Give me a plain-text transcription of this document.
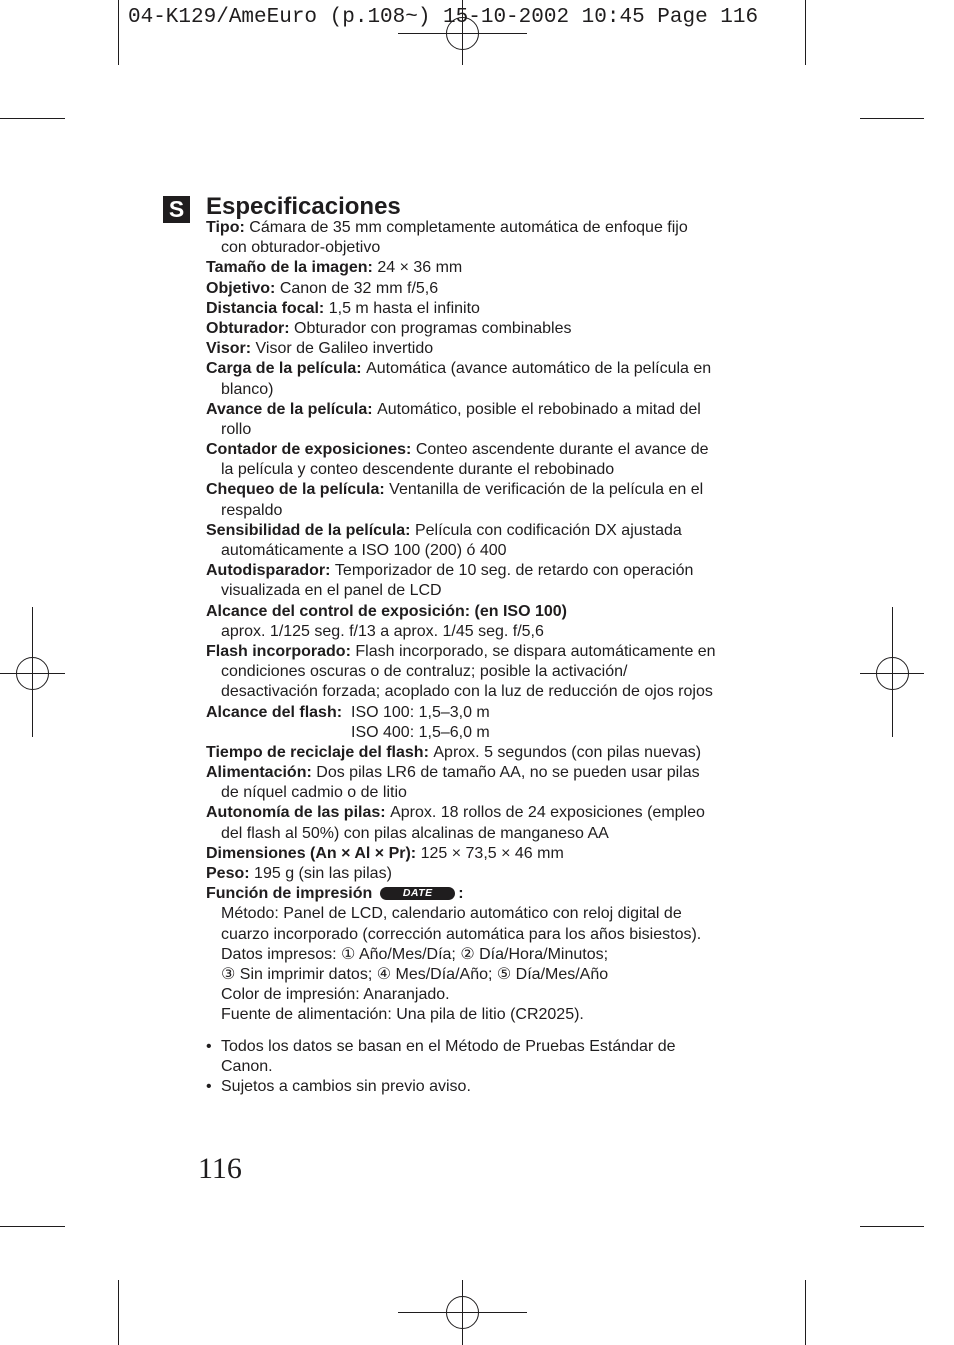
04-K129/AmeEuro (p.108~) 15-10-2002 10:45 Page 116
S Especificaciones
Tipo: Cámara de 35 mm completamente automática de enfoque fijo
con obturador-objetivo
Tamaño de la imagen: 24 × 36 mm
Objetivo: Canon de 32 mm f/5,6
Distancia focal: 1,5 m hasta el infinito
Obturador: Obturador con programas combinables
Visor: Visor de Galileo invertido
Carga de la película: Automática (avance automático de la película en
blanco)
Avance de la película: Automático, posible el rebobinado a mitad del
rollo
Contador de exposiciones: Conteo ascendente durante el avance de
la película y conteo descendente durante el rebobinado
Chequeo de la película: Ventanilla de verificación de la película en el
respaldo
Sensibilidad de la película: Película con codificación DX ajustada
automáticamente a ISO 100 (200) ó 400
Autodisparador: Temporizador de 10 seg. de retardo con operación
visualizada en el panel de LCD
Alcance del control de exposición: (en ISO 100)
aprox. 1/125 seg. f/13 a aprox. 1/45 seg. f/5,6
Flash incorporado: Flash incorporado, se dispara automáticamente en
condiciones oscuras o de contraluz; posible la activación/
desactivación forzada; acoplado con la luz de reducción de ojos rojos
Alcance del flash: ISO 100: 1,5–3,0 m
ISO 400: 1,5–6,0 m
Tiempo de reciclaje del flash: Aprox. 5 segundos (con pilas nuevas)
Alimentación: Dos pilas LR6 de tamaño AA, no se pueden usar pilas
de níquel cadmio o de litio
Autonomía de las pilas: Aprox. 18 rollos de 24 exposiciones (empleo
del flash al 50%) con pilas alcalinas de manganeso AA
Dimensiones (An × Al × Pr): 125 × 73,5 × 46 mm
Peso: 195 g (sin las pilas)
Función de impresión	DATE :
Método: Panel de LCD, calendario automático con reloj digital de
cuarzo incorporado (corrección automática para los años bisiestos).
Datos impresos: ① Año/Mes/Día; ② Día/Hora/Minutos;
③ Sin imprimir datos; ④ Mes/Día/Año; ⑤ Día/Mes/Año
Color de impresión: Anaranjado.
Fuente de alimentación: Una pila de litio (CR2025).
• Todos los datos se basan en el Método de Pruebas Estándar de
Canon.
• Sujetos a cambios sin previo aviso.
116
